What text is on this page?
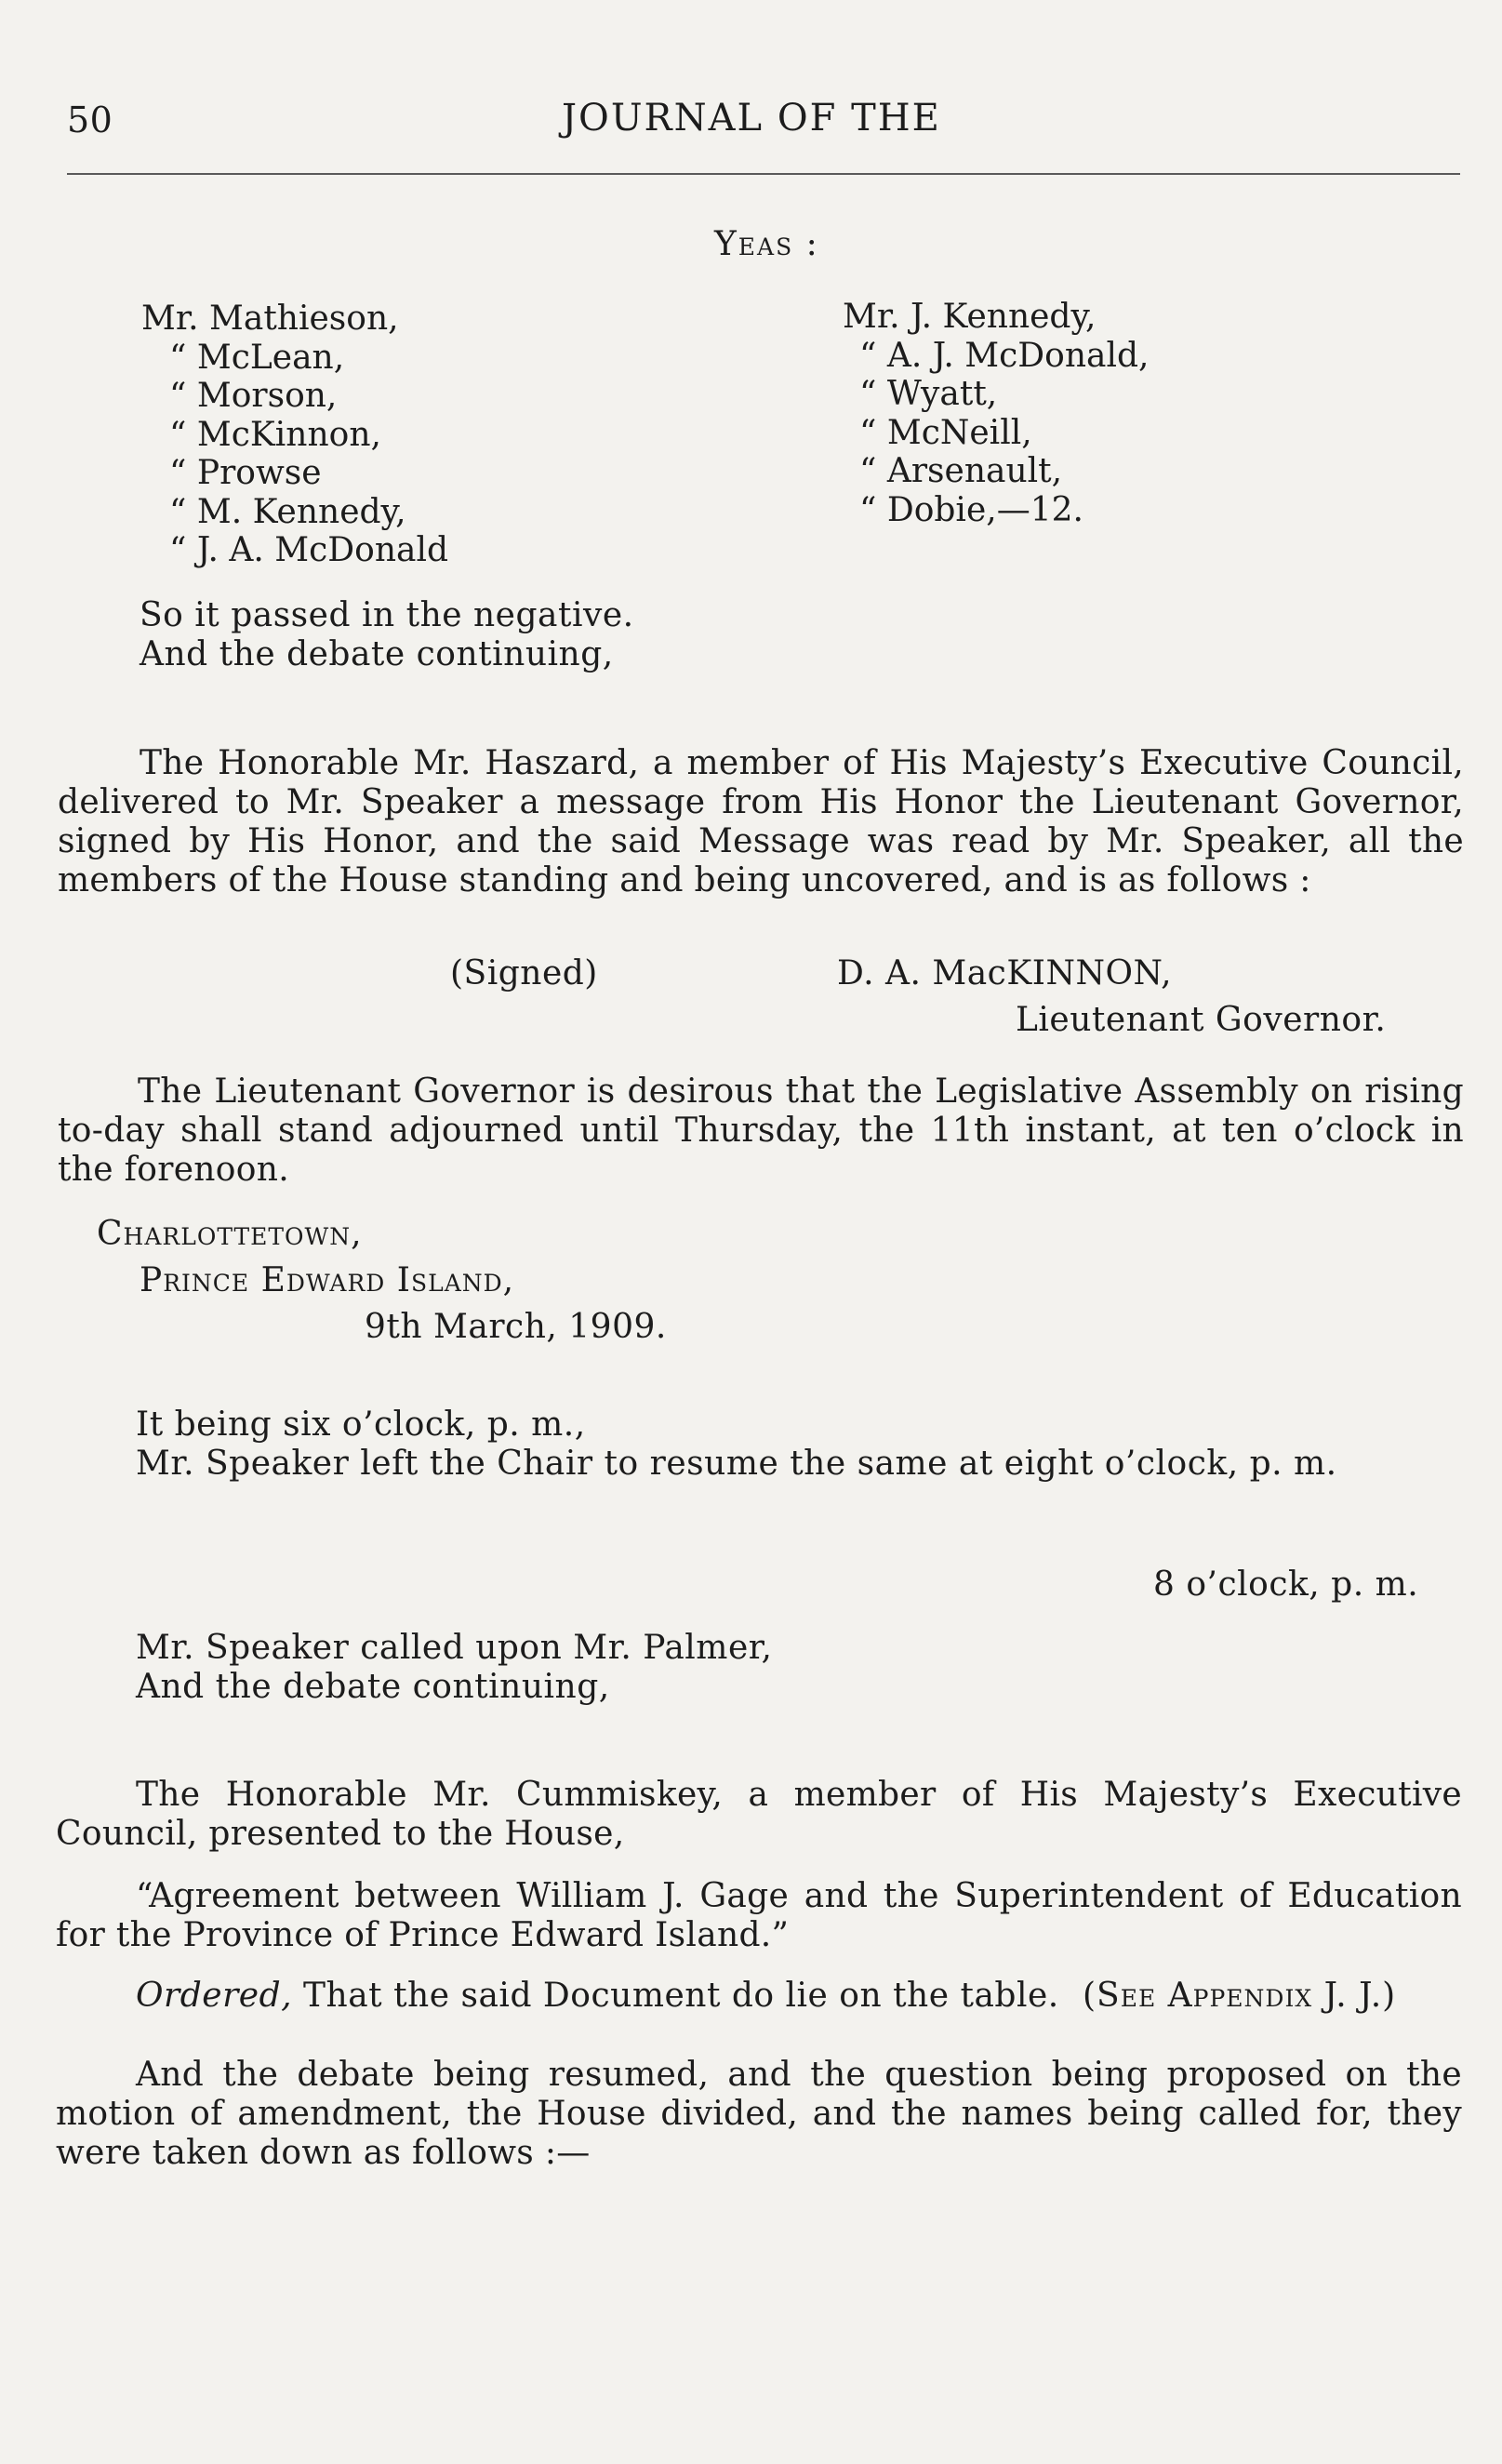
50	JOURNAL OF THE
Yeas :
Mr. Mathieson,
“ McLean,
“ Morson,
“ McKinnon,
“ Prowse
“ M. Kennedy,
“ J. A. McDonald
Mr. J. Kennedy,
“ A. J. McDonald,
“ Wyatt,
“ McNeill,
“ Arsenault,
“ Dobie,—12.
So it passed in the negative.
And the debate continuing,
The Honorable Mr. Haszard, a member of His Majesty’s Executive Council,
delivered to Mr. Speaker a message from His Honor the Lieutenant Governor,
signed by His Honor, and the said Message was read by Mr. Speaker, all the
members of the House standing and being uncovered, and is as follows :
(Signed)	D. A. MacKINNON,
Lieutenant Governor.
The Lieutenant Governor is desirous that the Legislative Assembly on rising
to-day shall stand adjourned until Thursday, the 11th instant, at ten o’clock in
the forenoon.
Charlottetown,
Prince Edward Island,
9th March, 1909.
It being six o’clock, p. m.,
Mr. Speaker left the Chair to resume the same at eight o’clock, p. m.
8 o’clock, p. m.
Mr. Speaker called upon Mr. Palmer,
And the debate continuing,
The Honorable Mr. Cummiskey, a member of His Majesty’s Executive
Council, presented to the House,
“Agreement between William J. Gage and the Superintendent of Education
for the Province of Prince Edward Island.”
Ordered, That the said Document do lie on the table. (See Appendix J. J.)
And the debate being resumed, and the question being proposed on the
motion of amendment, the House divided, and the names being called for, they
were taken down as follows :—
